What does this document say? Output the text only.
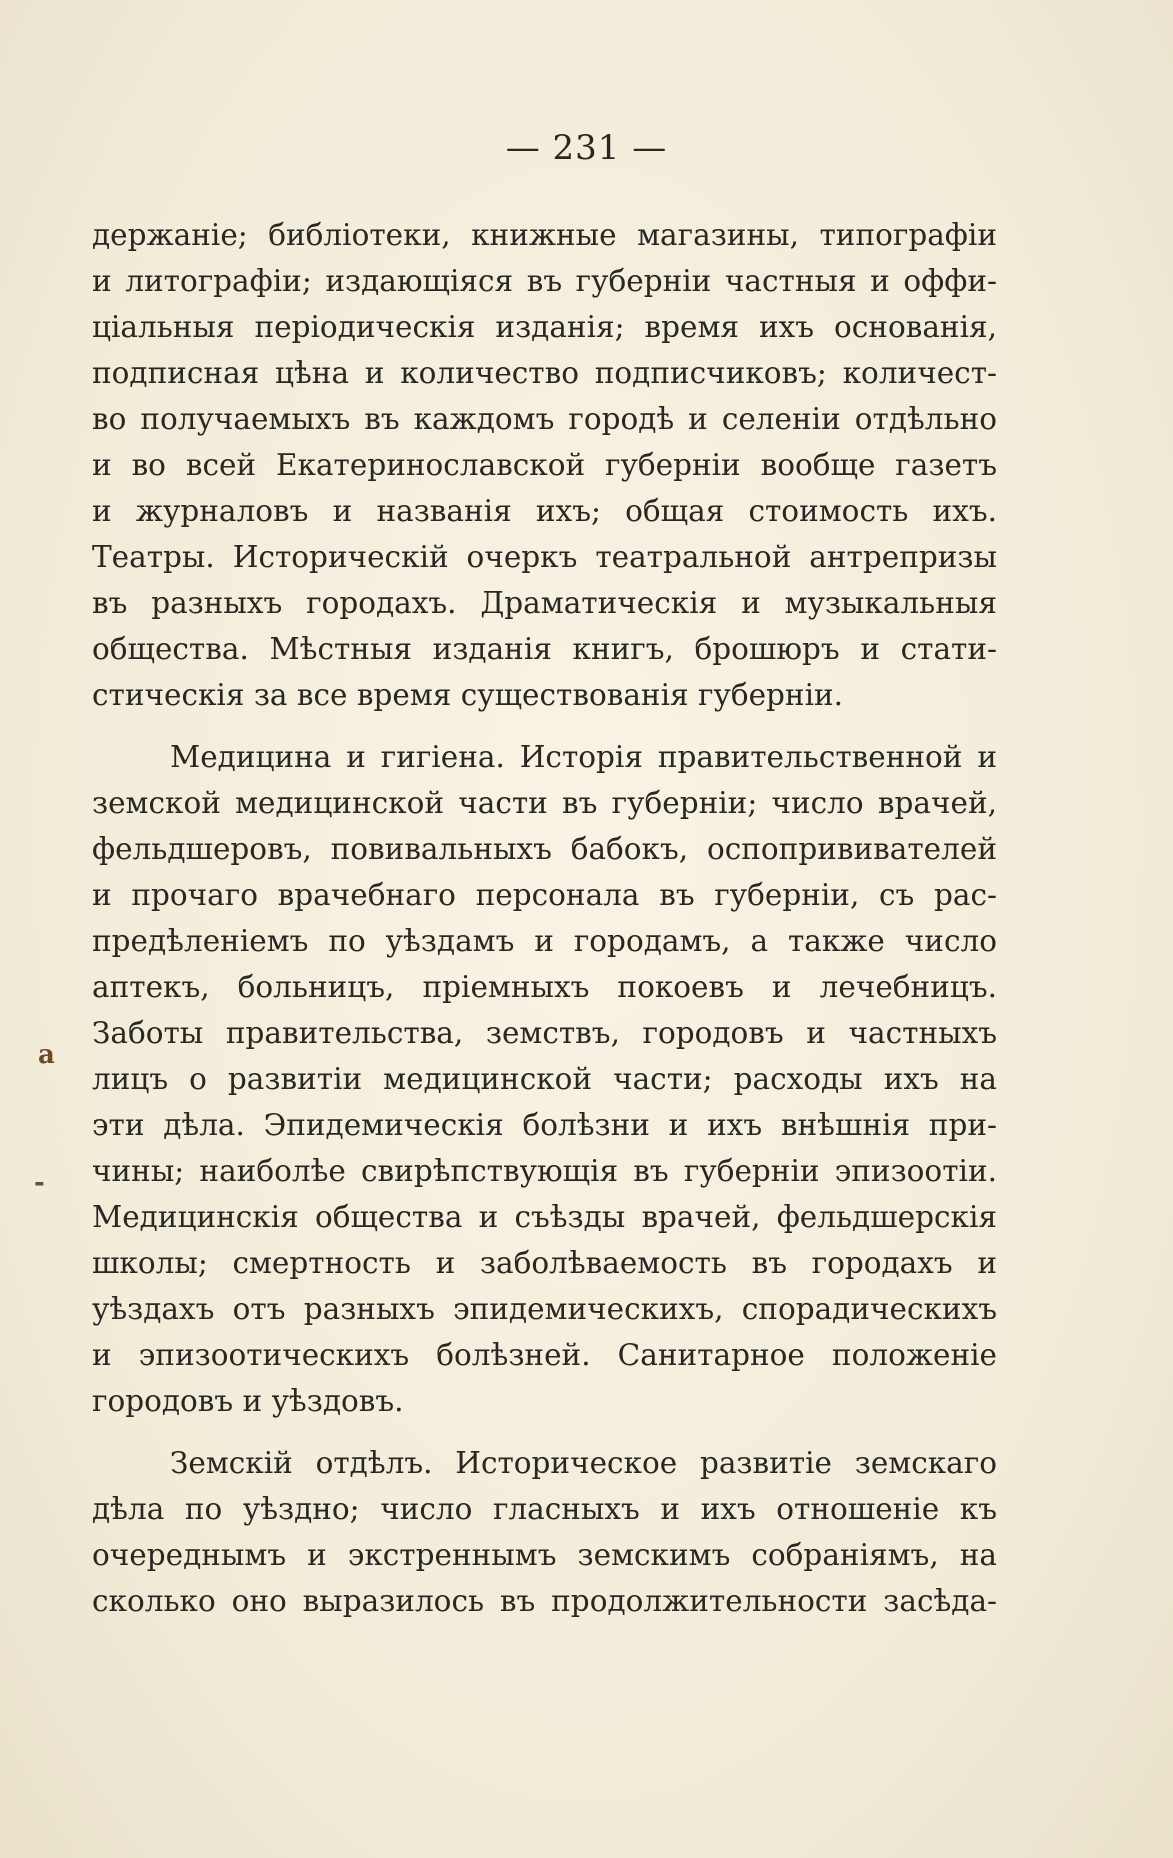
— 231 —
a
-
держаніе; библіотеки, книжные магазины, типографіи
и литографіи; издающіяся въ губерніи частныя и оффи-
ціальныя періодическія изданія; время ихъ основанія,
подписная цѣна и количество подписчиковъ; количест-
во получаемыхъ въ каждомъ городѣ и селеніи отдѣльно
и во всей Екатеринославской губерніи вообще газетъ
и журналовъ и названія ихъ; общая стоимость ихъ.
Театры. Историческій очеркъ театральной антрепризы
въ разныхъ городахъ. Драматическія и музыкальныя
общества. Мѣстныя изданія книгъ, брошюръ и стати-
стическія за все время существованія губерніи.
Медицина и гигіена. Исторія правительственной и
земской медицинской части въ губерніи; число врачей,
фельдшеровъ, повивальныхъ бабокъ, оспопрививателей
и прочаго врачебнаго персонала въ губерніи, съ рас-
предѣленіемъ по уѣздамъ и городамъ, а также число
аптекъ, больницъ, пріемныхъ покоевъ и лечебницъ.
Заботы правительства, земствъ, городовъ и частныхъ
лицъ о развитіи медицинской части; расходы ихъ на
эти дѣла. Эпидемическія болѣзни и ихъ внѣшнія при-
чины; наиболѣе свирѣпствующія въ губерніи эпизоотіи.
Медицинскія общества и съѣзды врачей, фельдшерскія
школы; смертность и заболѣваемость въ городахъ и
уѣздахъ отъ разныхъ эпидемическихъ, спорадическихъ
и эпизоотическихъ болѣзней. Санитарное положеніе
городовъ и уѣздовъ.
Земскій отдѣлъ. Историческое развитіе земскаго
дѣла по уѣздно; число гласныхъ и ихъ отношеніе къ
очереднымъ и экстреннымъ земскимъ собраніямъ, на
сколько оно выразилось въ продолжительности засѣда-
